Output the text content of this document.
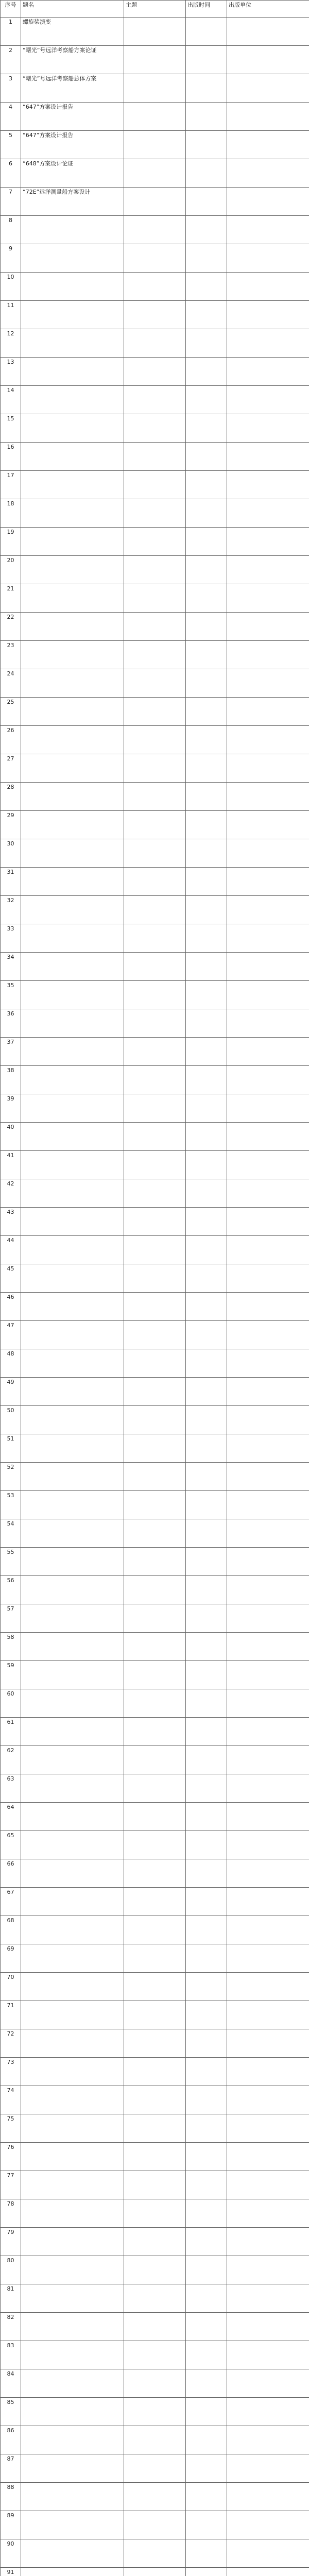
序号	题名	主题	出版时间	出版单位
1	螺旋桨演变			
2	“曙光”号远洋考察船方案论证			
3	“曙光”号远洋考察船总体方案			
4	“647”方案设计报告			
5	“647”方案设计报告			
6	“648”方案设计论证			
7	“72E”远洋测量船方案设计			
8				
9				
10				
11				
12				
13				
14				
15				
16				
17				
18				
19				
20				
21				
22				
23				
24				
25				
26				
27				
28				
29				
30				
31				
32				
33				
34				
35				
36				
37				
38				
39				
40				
41				
42				
43				
44				
45				
46				
47				
48				
49				
50				
51				
52				
53				
54				
55				
56				
57				
58				
59				
60				
61				
62				
63				
64				
65				
66				
67				
68				
69				
70				
71				
72				
73				
74				
75				
76				
77				
78				
79				
80				
81				
82				
83				
84				
85				
86				
87				
88				
89				
90				
91				
